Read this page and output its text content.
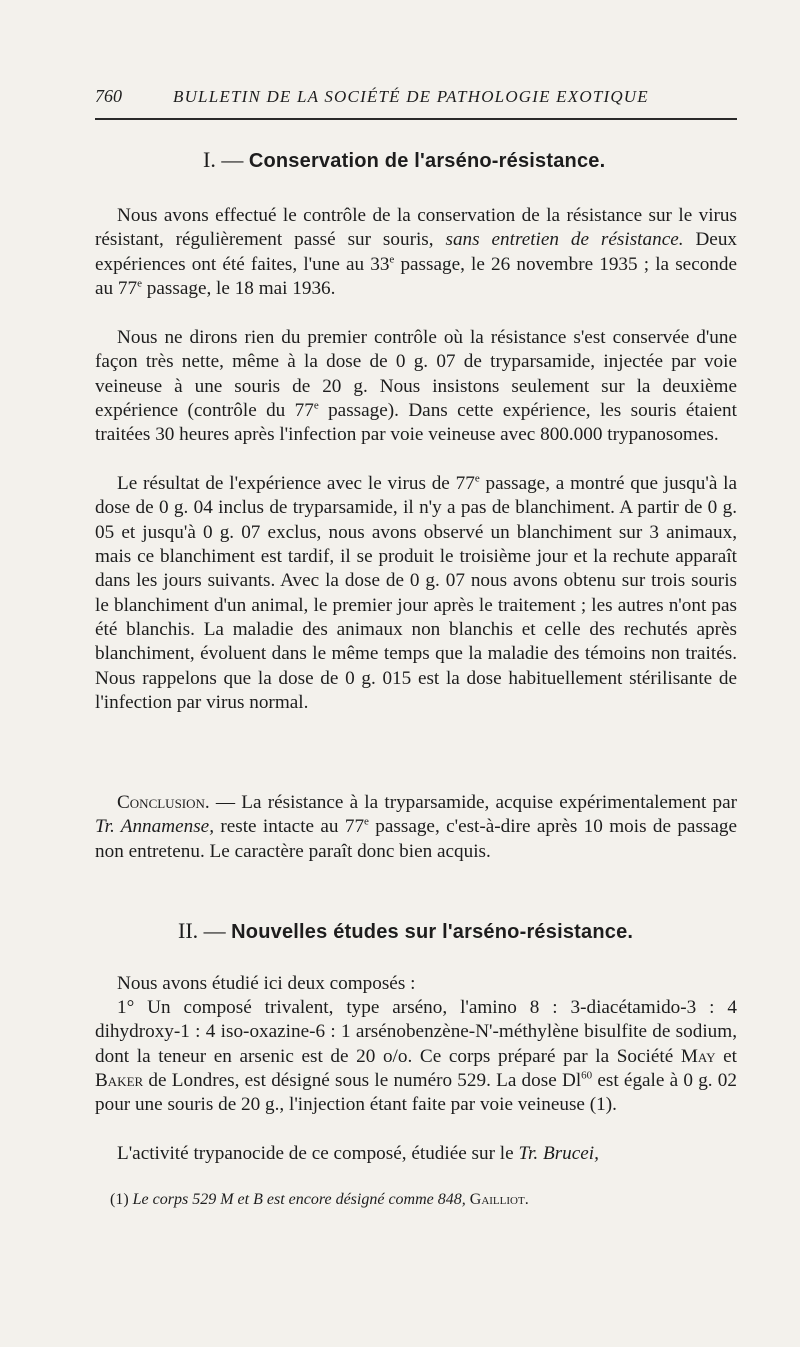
760	BULLETIN DE LA SOCIÉTÉ DE PATHOLOGIE EXOTIQUE
I. — Conservation de l'arséno-résistance.

Nous avons effectué le contrôle de la conservation de la résistance sur le virus résistant, régulièrement passé sur souris, sans entretien de résistance. Deux expériences ont été faites, l'une au 33e passage, le 26 novembre 1935 ; la seconde au 77e passage, le 18 mai 1936.

Nous ne dirons rien du premier contrôle où la résistance s'est conservée d'une façon très nette, même à la dose de 0 g. 07 de tryparsamide, injectée par voie veineuse à une souris de 20 g. Nous insistons seulement sur la deuxième expérience (contrôle du 77e passage). Dans cette expérience, les souris étaient traitées 30 heures après l'infection par voie veineuse avec 800.000 trypanosomes.

Le résultat de l'expérience avec le virus de 77e passage, a montré que jusqu'à la dose de 0 g. 04 inclus de tryparsamide, il n'y a pas de blanchiment. A partir de 0 g. 05 et jusqu'à 0 g. 07 exclus, nous avons observé un blanchiment sur 3 animaux, mais ce blanchiment est tardif, il se produit le troisième jour et la rechute apparaît dans les jours suivants. Avec la dose de 0 g. 07 nous avons obtenu sur trois souris le blanchiment d'un animal, le premier jour après le traitement ; les autres n'ont pas été blanchis. La maladie des animaux non blanchis et celle des rechutés après blanchiment, évoluent dans le même temps que la maladie des témoins non traités. Nous rappelons que la dose de 0 g. 015 est la dose habituellement stérilisante de l'infection par virus normal.

Conclusion. — La résistance à la tryparsamide, acquise expérimentalement par Tr. Annamense, reste intacte au 77e passage, c'est-à-dire après 10 mois de passage non entretenu. Le caractère paraît donc bien acquis.

II. — Nouvelles études sur l'arséno-résistance.

Nous avons étudié ici deux composés :

1° Un composé trivalent, type arséno, l'amino 8 : 3-diacétamido-3 : 4 dihydroxy-1 : 4 iso-oxazine-6 : 1 arsénobenzène-N'-méthylène bisulfite de sodium, dont la teneur en arsenic est de 20 o/o. Ce corps préparé par la Société May et Baker de Londres, est désigné sous le numéro 529. La dose Dl$^{60}$ est égale à 0 g. 02 pour une souris de 20 g., l'injection étant faite par voie veineuse (1).

L'activité trypanocide de ce composé, étudiée sur le Tr. Brucei,

(1) Le corps 529 M et B est encore désigné comme 848, Gailliot.
